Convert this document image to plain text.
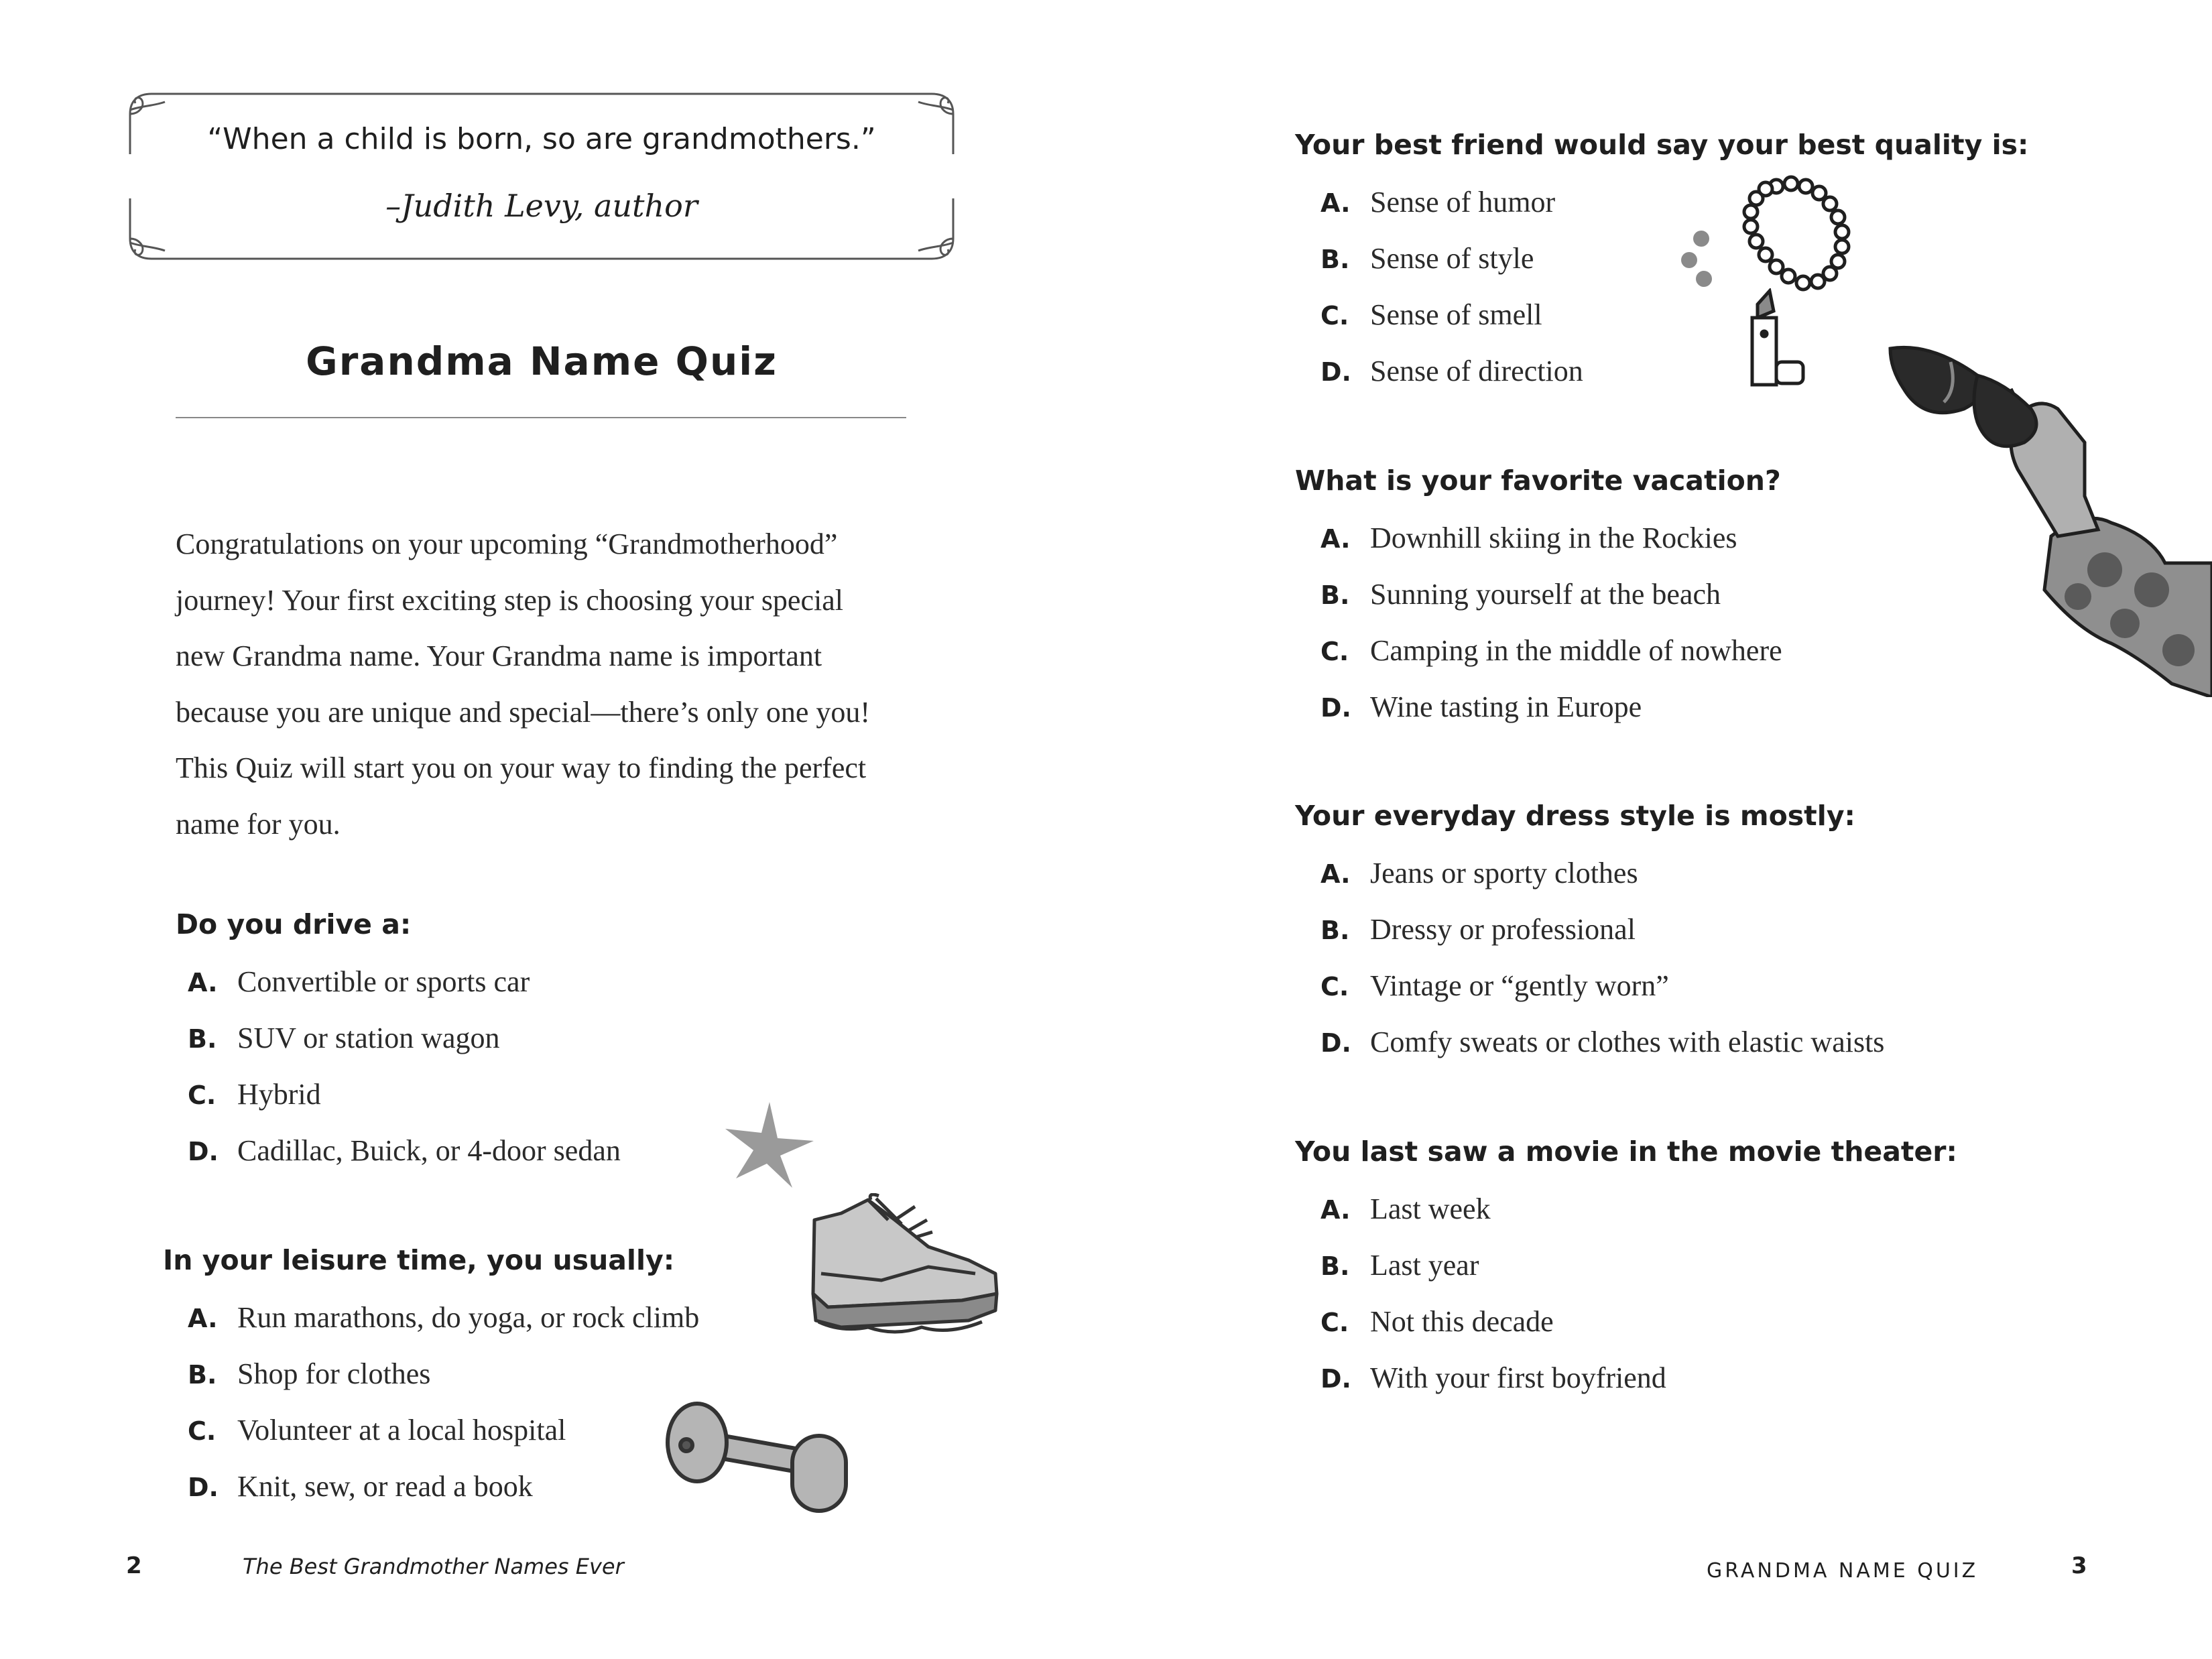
“When a child is born, so are grandmothers.”
–Judith Levy, author
Grandma Name Quiz
Congratulations on your upcoming “Grandmotherhood”
journey! Your first exciting step is choosing your special
new Grandma name. Your Grandma name is important
because you are unique and special—there’s only one you!
This Quiz will start you on your way to finding the perfect
name for you.
Do you drive a:
A. Convertible or sports car
B. SUV or station wagon
C. Hybrid
D. Cadillac, Buick, or 4-door sedan
In your leisure time, you usually:
A. Run marathons, do yoga, or rock climb
B. Shop for clothes
C. Volunteer at a local hospital
D. Knit, sew, or read a book
2	The Best Grandmother Names Ever
Your best friend would say your best quality is:
A. Sense of humor
B. Sense of style
C. Sense of smell
D. Sense of direction
What is your favorite vacation?
A. Downhill skiing in the Rockies
B. Sunning yourself at the beach
C. Camping in the middle of nowhere
D. Wine tasting in Europe
Your everyday dress style is mostly:
A. Jeans or sporty clothes
B. Dressy or professional
C. Vintage or “gently worn”
D. Comfy sweats or clothes with elastic waists
You last saw a movie in the movie theater:
A. Last week
B. Last year
C. Not this decade
D. With your first boyfriend
GRANDMA NAME QUIZ	3
